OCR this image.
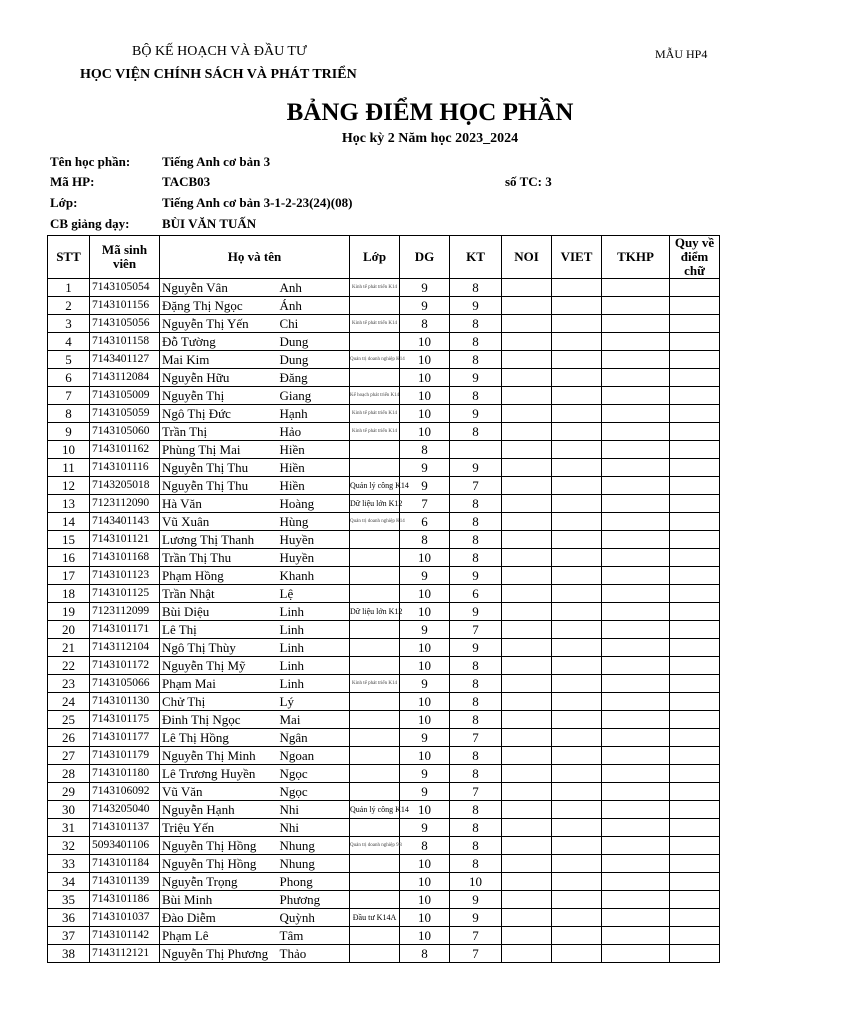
BỘ KẾ HOẠCH VÀ ĐẦU TƯ
HỌC VIỆN CHÍNH SÁCH VÀ PHÁT TRIỂN
MẪU HP4
BẢNG ĐIỂM HỌC PHẦN
Học kỳ 2 Năm học 2023_2024
Tên học phần: Tiếng Anh cơ bản 3
Mã HP:	TACB03	số TC: 3
Lớp:	Tiếng Anh cơ bản 3-1-2-23(24)(08)
CB giảng dạy:	BÙI VĂN TUẤN
STT	Mã sinh viên	Họ và tên		Lớp	DG	KT	NOI	VIET	TKHP	Quy về điểm chữ
1	7143105054	Nguyễn Vân	Anh	Kinh tế phát triển K14	9	8				
2	7143101156	Đặng Thị Ngọc	Ánh		9	9				
3	7143105056	Nguyễn Thị Yến	Chi	Kinh tế phát triển K14	8	8				
4	7143101158	Đỗ Tường	Dung		10	8				
5	7143401127	Mai Kim	Dung	Quản trị doanh nghiệp K14	10	8				
6	7143112084	Nguyễn Hữu	Đăng		10	9				
7	7143105009	Nguyễn Thị	Giang	Kế hoạch phát triển K14	10	8				
8	7143105059	Ngô Thị Đức	Hạnh	Kinh tế phát triển K14	10	9				
9	7143105060	Trần Thị	Hảo	Kinh tế phát triển K14	10	8				
10	7143101162	Phùng Thị Mai	Hiền		8					
11	7143101116	Nguyễn Thị Thu	Hiền		9	9				
12	7143205018	Nguyễn Thị Thu	Hiền	Quản lý công K14	9	7				
13	7123112090	Hà Văn	Hoàng	Dữ liệu lớn K12	7	8				
14	7143401143	Vũ Xuân	Hùng	Quản trị doanh nghiệp K14	6	8				
15	7143101121	Lương Thị Thanh	Huyền		8	8				
16	7143101168	Trần Thị Thu	Huyền		10	8				
17	7143101123	Phạm Hồng	Khanh		9	9				
18	7143101125	Trần Nhật	Lệ		10	6				
19	7123112099	Bùi Diệu	Linh	Dữ liệu lớn K12	10	9				
20	7143101171	Lê Thị	Linh		9	7				
21	7143112104	Ngô Thị Thùy	Linh		10	9				
22	7143101172	Nguyễn Thị Mỹ	Linh		10	8				
23	7143105066	Phạm Mai	Linh	Kinh tế phát triển K14	9	8				
24	7143101130	Chử Thị	Lý		10	8				
25	7143101175	Đinh Thị Ngọc	Mai		10	8				
26	7143101177	Lê Thị Hồng	Ngân		9	7				
27	7143101179	Nguyễn Thị Minh	Ngoan		10	8				
28	7143101180	Lê Trương Huyền	Ngọc		9	8				
29	7143106092	Vũ Văn	Ngọc		9	7				
30	7143205040	Nguyễn Hạnh	Nhi	Quản lý công K14	10	8				
31	7143101137	Triệu Yến	Nhi		9	8				
32	5093401106	Nguyễn Thị Hồng	Nhung	Quản trị doanh nghiệp 9B	8	8				
33	7143101184	Nguyễn Thị Hồng	Nhung		10	8				
34	7143101139	Nguyễn Trọng	Phong		10	10				
35	7143101186	Bùi Minh	Phương		10	9				
36	7143101037	Đào Diễm	Quỳnh	Đầu tư K14A	10	9				
37	7143101142	Phạm Lê	Tâm		10	7				
38	7143112121	Nguyễn Thị Phương	Thảo		8	7				
